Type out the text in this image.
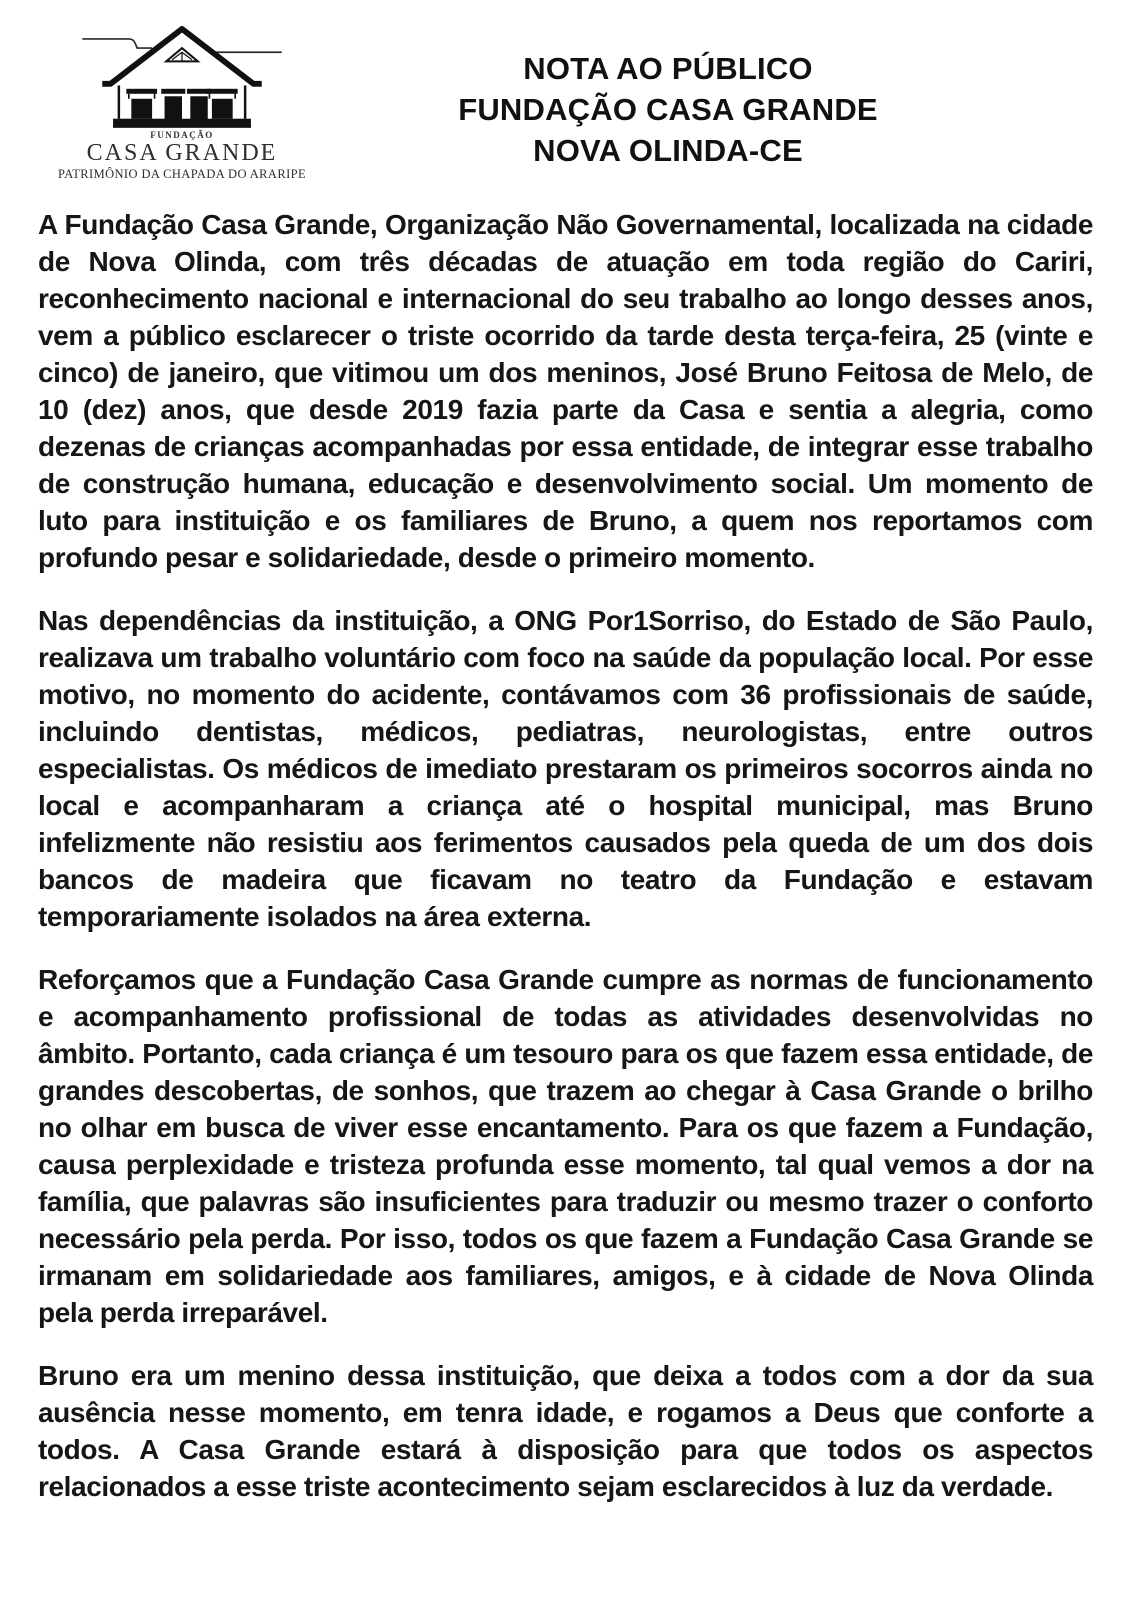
FUNDAÇÃO
CASA GRANDE
PATRIMÔNIO DA CHAPADA DO ARARIPE
NOTA AO PÚBLICO
FUNDAÇÃO CASA GRANDE
NOVA OLINDA-CE

A Fundação Casa Grande, Organização Não Governamental, localizada na cidade de Nova Olinda, com três décadas de atuação em toda região do Cariri, reconhecimento nacional e internacional do seu trabalho ao longo desses anos, vem a público esclarecer o triste ocorrido da tarde desta terça-feira, 25 (vinte e cinco) de janeiro, que vitimou um dos meninos, José Bruno Feitosa de Melo, de 10 (dez) anos, que desde 2019 fazia parte da Casa e sentia a alegria, como dezenas de crianças acompanhadas por essa entidade, de integrar esse trabalho de construção humana, educação e desenvolvimento social. Um momento de luto para instituição e os familiares de Bruno, a quem nos reportamos com profundo pesar e solidariedade, desde o primeiro momento.

Nas dependências da instituição, a ONG Por1Sorriso, do Estado de São Paulo, realizava um trabalho voluntário com foco na saúde da população local. Por esse motivo, no momento do acidente, contávamos com 36 profissionais de saúde, incluindo dentistas, médicos, pediatras, neurologistas, entre outros especialistas. Os médicos de imediato prestaram os primeiros socorros ainda no local e acompanharam a criança até o hospital municipal, mas Bruno infelizmente não resistiu aos ferimentos causados pela queda de um dos dois bancos de madeira que ficavam no teatro da Fundação e estavam temporariamente isolados na área externa.

Reforçamos que a Fundação Casa Grande cumpre as normas de funcionamento e acompanhamento profissional de todas as atividades desenvolvidas no âmbito. Portanto, cada criança é um tesouro para os que fazem essa entidade, de grandes descobertas, de sonhos, que trazem ao chegar à Casa Grande o brilho no olhar em busca de viver esse encantamento. Para os que fazem a Fundação, causa perplexidade e tristeza profunda esse momento, tal qual vemos a dor na família, que palavras são insuficientes para traduzir ou mesmo trazer o conforto necessário pela perda. Por isso, todos os que fazem a Fundação Casa Grande se irmanam em solidariedade aos familiares, amigos, e à cidade de Nova Olinda pela perda irreparável.

Bruno era um menino dessa instituição, que deixa a todos com a dor da sua ausência nesse momento, em tenra idade, e rogamos a Deus que conforte a todos. A Casa Grande estará à disposição para que todos os aspectos relacionados a esse triste acontecimento sejam esclarecidos à luz da verdade.
